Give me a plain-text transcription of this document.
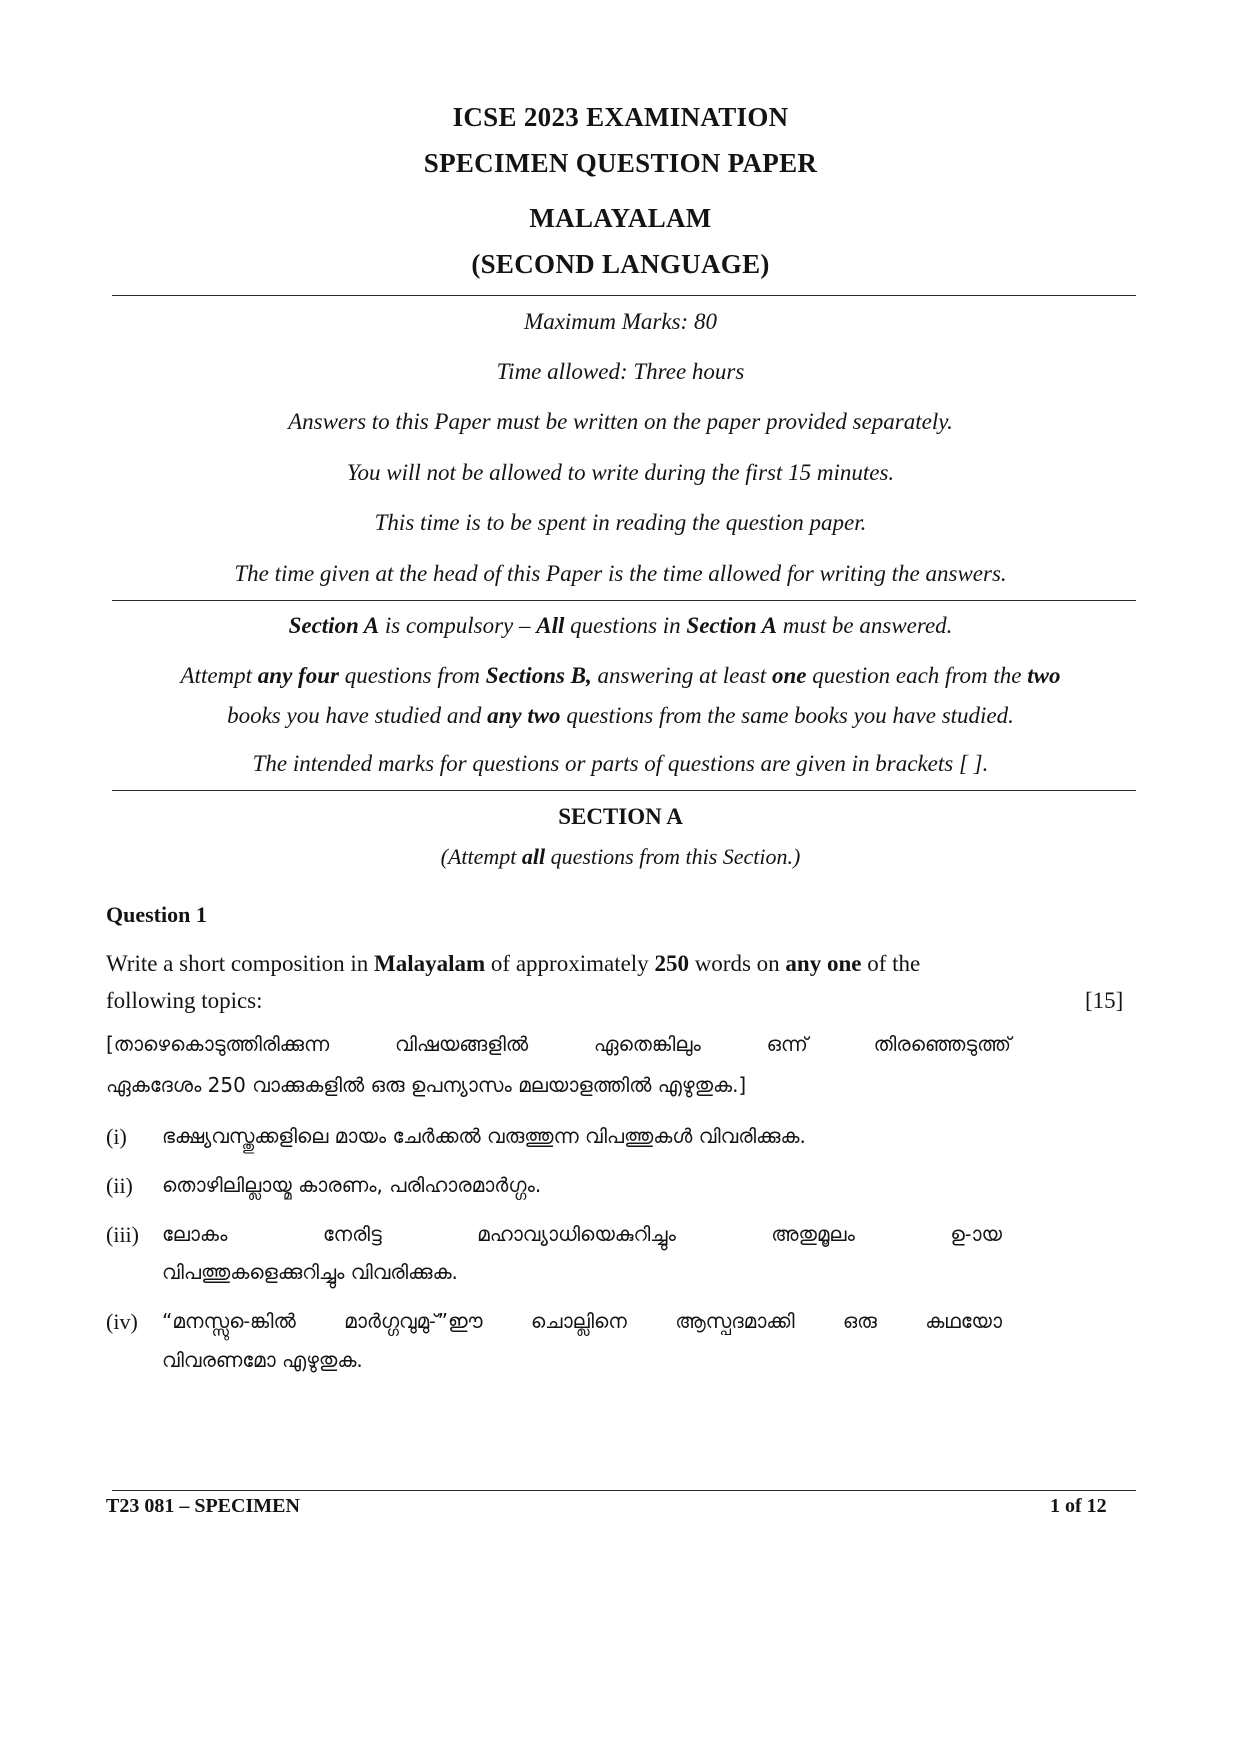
ICSE 2023 EXAMINATION
SPECIMEN QUESTION PAPER
MALAYALAM
(SECOND LANGUAGE)
Maximum Marks: 80
Time allowed: Three hours
Answers to this Paper must be written on the paper provided separately.
You will not be allowed to write during the first 15 minutes.
This time is to be spent in reading the question paper.
The time given at the head of this Paper is the time allowed for writing the answers.
Section A is compulsory – All questions in Section A must be answered.
Attempt any four questions from Sections B, answering at least one question each from the two
books you have studied and any two questions from the same books you have studied.
The intended marks for questions or parts of questions are given in brackets [ ].
SECTION A
(Attempt all questions from this Section.)
Question 1
Write a short composition in Malayalam of approximately 250 words on any one of the
following topics:	[15]
[താഴെകൊടുത്തിരിക്കുന്ന വിഷയങ്ങളിൽ ഏതെങ്കിലും ഒന്ന് തിരഞ്ഞെടുത്ത്
ഏകദേശം 250 വാക്കുകളിൽ ഒരു ഉപന്യാസം മലയാളത്തിൽ എഴുതുക.]
(i) ഭക്ഷ്യവസ്തുക്കളിലെ മായം ചേർക്കൽ വരുത്തുന്ന വിപത്തുകൾ വിവരിക്കുക.
(ii) തൊഴിലില്ലായ്മ കാരണം, പരിഹാരമാർഗ്ഗം.
(iii) ലോകം നേരിട്ട മഹാവ്യാധിയെകുറിച്ചും അതുമൂലം ഉ-ായ
വിപത്തുകളെക്കുറിച്ചും വിവരിക്കുക.
(iv) “മനസ്സു-െങ്കിൽ മാർഗ്ഗവുമു-്”ഈ ചൊല്ലിനെ ആസ്പദമാക്കി ഒരു കഥയോ
വിവരണമോ എഴുതുക.
T23 081 – SPECIMEN	1 of 12
